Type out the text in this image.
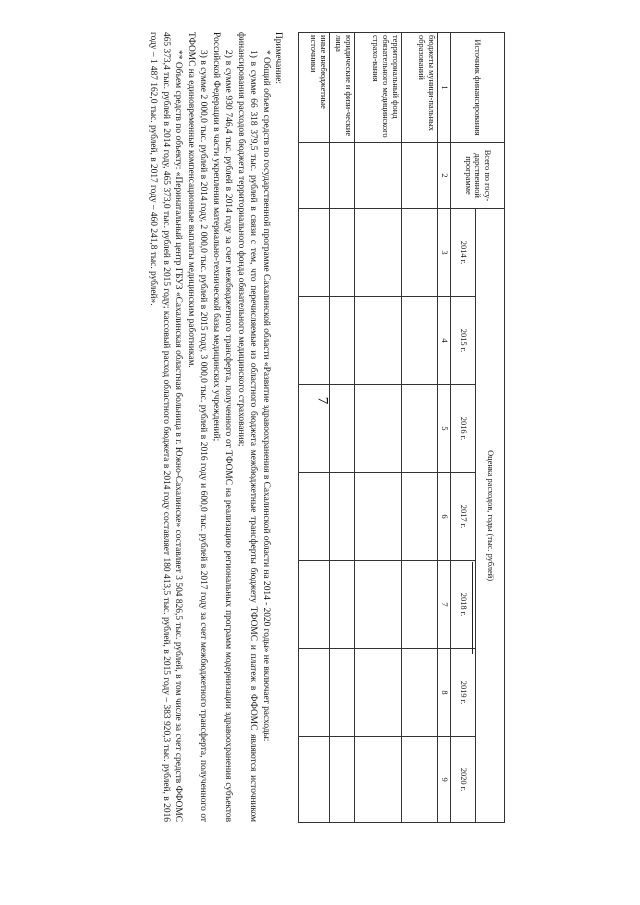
7
Источник финансирования	Всего по госу-дарственной программе	Оценка расходов, годы (тыс. рублей)						
		2014 г.	2015 г.	2016 г.	2017 г.	2018 г.	2019 г.	2020 г.
1	2	3	4	5	6	7	8	9
бюджеты муници-пальных образований								
территориальный фонд обязательного медицинского страхо-вания								
юридические и физи-ческие лица								
иные внебюджетные источники								

Примечание:

* Общий объем средств по государственной программе Сахалинской области «Развитие здравоохранения в Сахалинской области на 2014 - 2020 годы» не включает расходы:

1) в сумме 66 318 379,5 тыс. рублей в связи с тем, что перечисляемые из областного бюджета межбюджетные трансферты бюджету ТФОМС и платеж в ФФОМС являются источником финансирования расходов бюджета территориального фонда обязательного медицинского страхования;

2) в сумме 930 746,4 тыс. рублей в 2014 году за счет межбюджетного трансферта, полученного от ТФОМС на реализацию региональных программ модернизации здравоохранения субъектов Российской Федерации в части укрепления материально-технической базы медицинских учреждений;

3) в сумме 2 000,0 тыс. рублей в 2014 году, 2 000,0 тыс. рублей в 2015 году, 3 000,0 тыс. рублей в 2016 году и 600,0 тыс. рублей в 2017 году за счет межбюджетного трансферта, полученного от ТФОМС на единовременные компенсационные выплаты медицинским работникам.

** Объем средств по объекту: «Перинатальный центр ГБУЗ «Сахалинская областная больница в г. Южно-Сахалинске» составляет 3 504 826,5 тыс. рублей, в том числе за счет средств ФФОМС 465 373,4 тыс. рублей в 2014 году, 465 373,0 тыс. рублей в 2015 году; кассовый расход областного бюджета в 2014 году составляет 180 413,5 тыс. рублей, в 2015 году – 383 920,3 тыс. рублей, в 2016 году – 1 487 162,0 тыс. рублей, в 2017 году – 460 241,8 тыс. рублей».
